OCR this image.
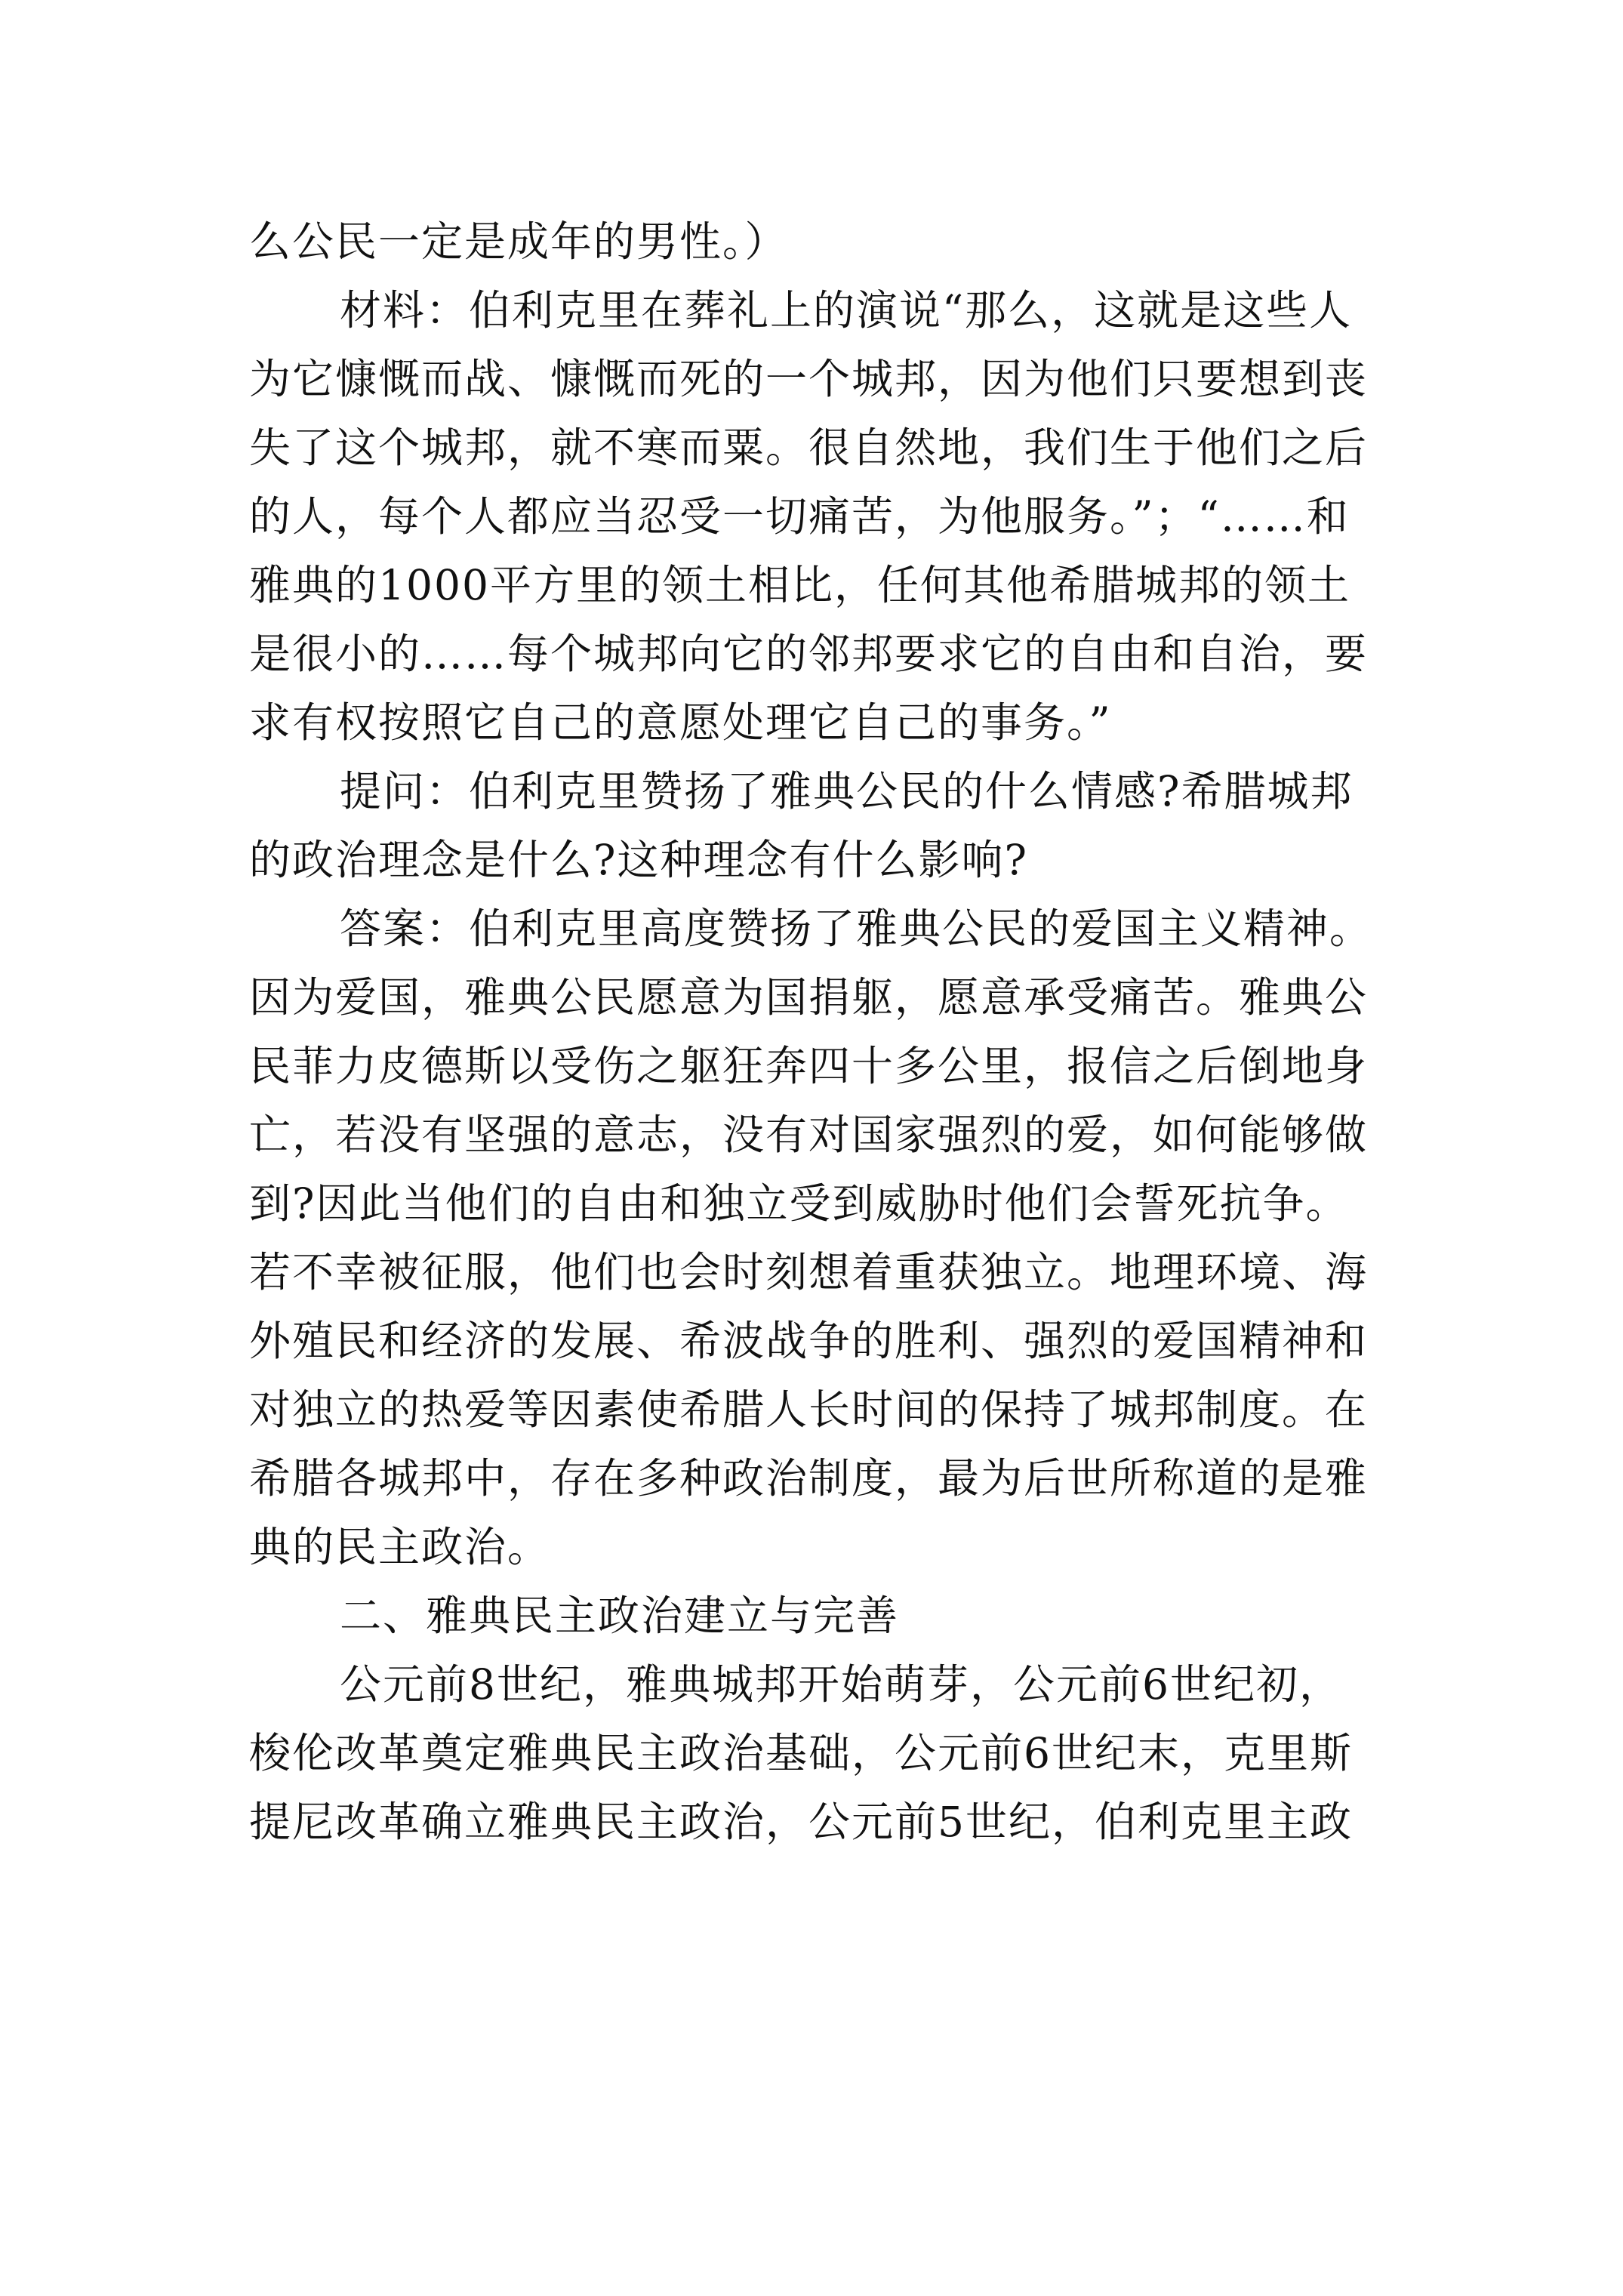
么公民一定是成年的男性。）
材料：伯利克里在葬礼上的演说“那么，这就是这些人
为它慷慨而战、慷慨而死的一个城邦，因为他们只要想到丧
失了这个城邦，就不寒而粟。很自然地，我们生于他们之后
的人，每个人都应当忍受一切痛苦，为他服务。”；“……和
雅典的1000平方里的领土相比，任何其他希腊城邦的领土
是很小的……每个城邦向它的邻邦要求它的自由和自治，要
求有权按照它自己的意愿处理它自己的事务。”
提问：伯利克里赞扬了雅典公民的什么情感?希腊城邦
的政治理念是什么?这种理念有什么影响?
答案：伯利克里高度赞扬了雅典公民的爱国主义精神。
因为爱国，雅典公民愿意为国捐躯，愿意承受痛苦。雅典公
民菲力皮德斯以受伤之躯狂奔四十多公里，报信之后倒地身
亡，若没有坚强的意志，没有对国家强烈的爱，如何能够做
到?因此当他们的自由和独立受到威胁时他们会誓死抗争。
若不幸被征服，他们也会时刻想着重获独立。地理环境、海
外殖民和经济的发展、希波战争的胜利、强烈的爱国精神和
对独立的热爱等因素使希腊人长时间的保持了城邦制度。在
希腊各城邦中，存在多种政治制度，最为后世所称道的是雅
典的民主政治。
二、雅典民主政治建立与完善
公元前8世纪，雅典城邦开始萌芽，公元前6世纪初，
梭伦改革奠定雅典民主政治基础，公元前6世纪末，克里斯
提尼改革确立雅典民主政治，公元前5世纪，伯利克里主政
